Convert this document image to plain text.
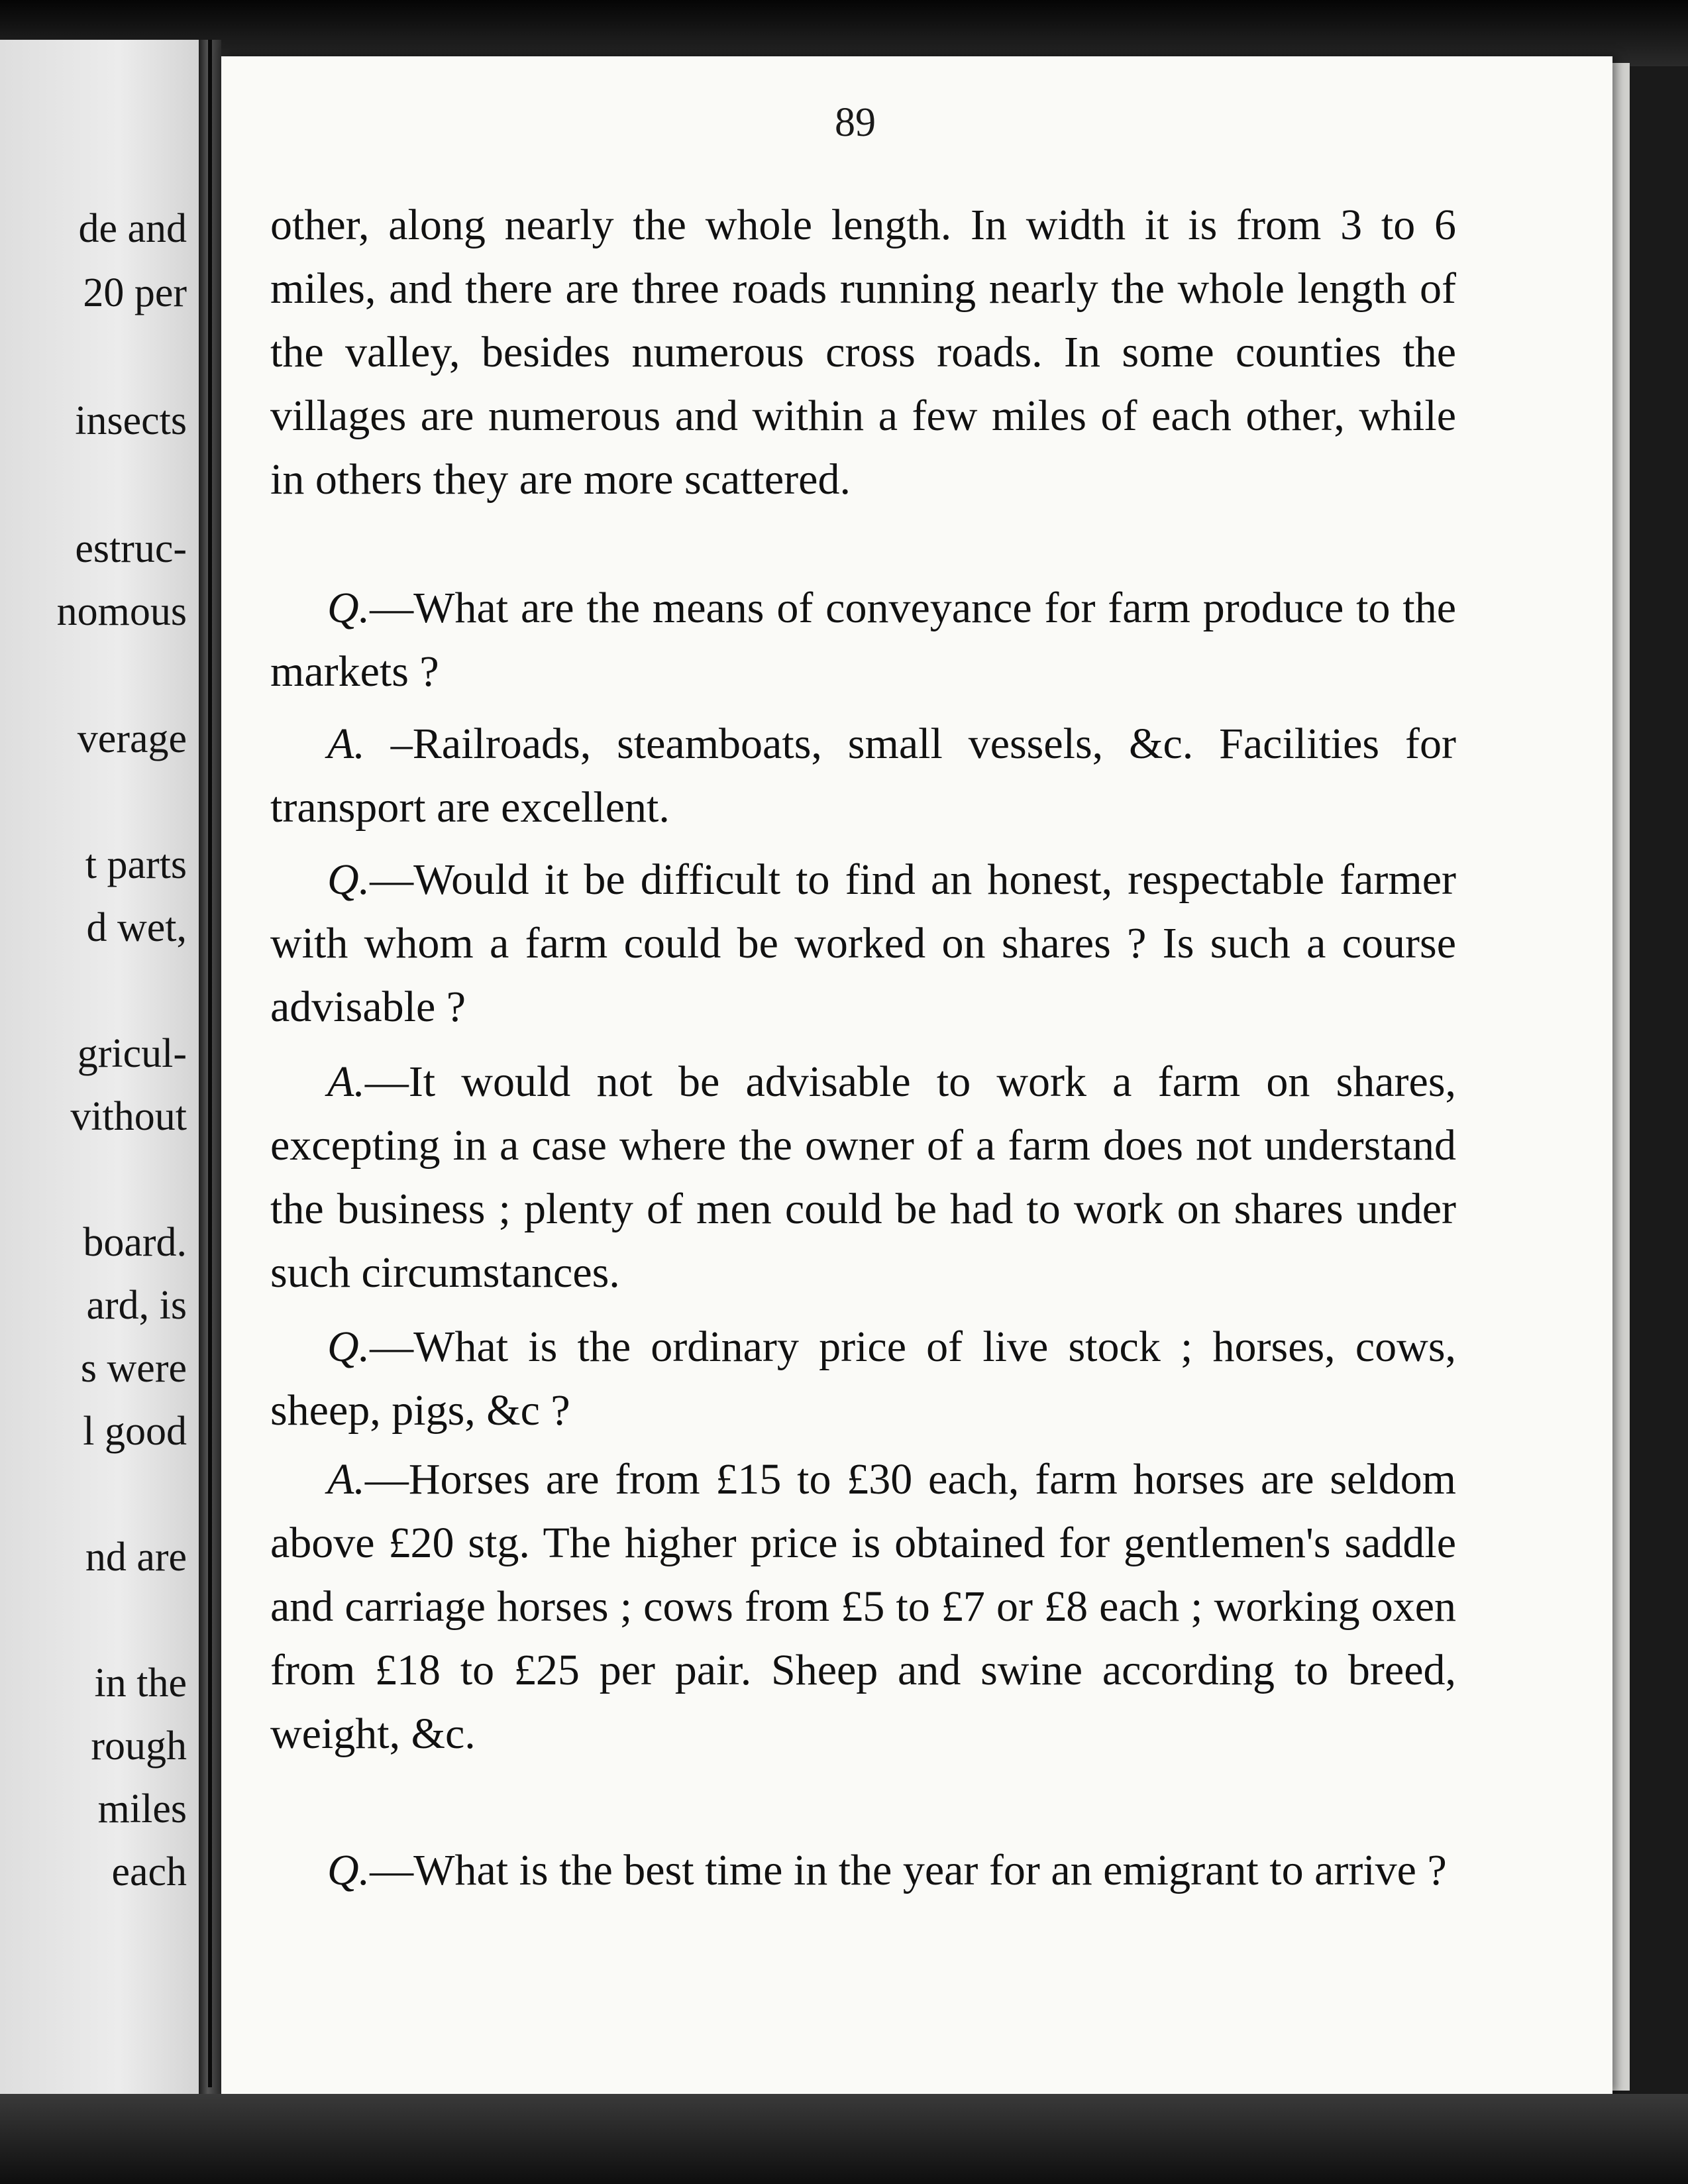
de and
20 per
insects
estruc-
nomous
verage
t parts
d wet,
gricul-
vithout
board.
ard, is
s were
l good
nd are
in the
rough
miles
each
89
other, along nearly the whole length. In width it is from 3 to 6 miles, and there are three roads running nearly the whole length of the valley, besides numerous cross roads. In some counties the villages are numerous and within a few miles of each other, while in others they are more scattered.
Q.—What are the means of conveyance for farm produce to the markets ?
A. –Railroads, steamboats, small vessels, &c. Facilities for transport are excellent.
Q.—Would it be difficult to find an honest, respectable farmer with whom a farm could be worked on shares ? Is such a course advisable ?
A.—It would not be advisable to work a farm on shares, excepting in a case where the owner of a farm does not understand the business ; plenty of men could be had to work on shares under such circumstances.
Q.—What is the ordinary price of live stock ; horses, cows, sheep, pigs, &c ?
A.—Horses are from £15 to £30 each, farm horses are seldom above £20 stg. The higher price is obtained for gentlemen's saddle and carriage horses ; cows from £5 to £7 or £8 each ; working oxen from £18 to £25 per pair. Sheep and swine according to breed, weight, &c.
Q.—What is the best time in the year for an emigrant to arrive ?
